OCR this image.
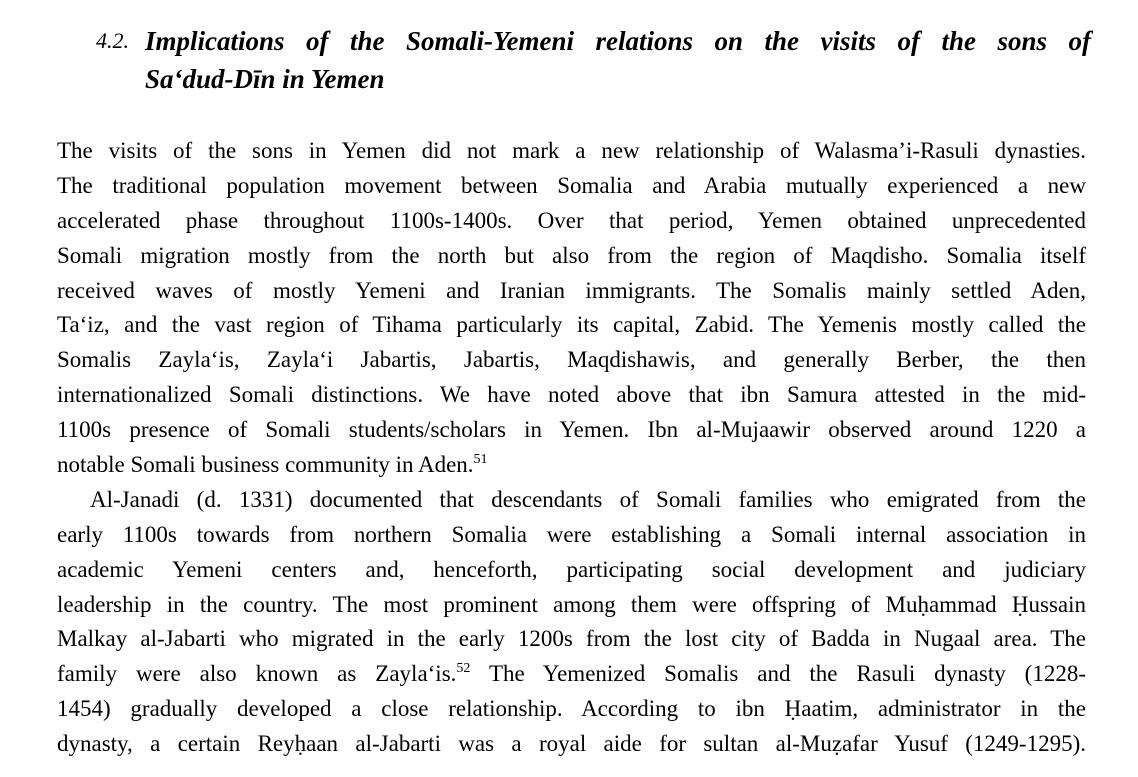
4.2. Implications of the Somali-Yemeni relations on the visits of the sons of
Sa‘dud-Dīn in Yemen
The visits of the sons in Yemen did not mark a new relationship of Walasma’i-Rasuli dynasties.
The traditional population movement between Somalia and Arabia mutually experienced a new
accelerated phase throughout 1100s-1400s. Over that period, Yemen obtained unprecedented
Somali migration mostly from the north but also from the region of Maqdisho. Somalia itself
received waves of mostly Yemeni and Iranian immigrants. The Somalis mainly settled Aden,
Ta‘iz, and the vast region of Tihama particularly its capital, Zabid. The Yemenis mostly called the
Somalis Zayla‘is, Zayla‘i Jabartis, Jabartis, Maqdishawis, and generally Berber, the then
internationalized Somali distinctions. We have noted above that ibn Samura attested in the mid-
1100s presence of Somali students/scholars in Yemen. Ibn al-Mujaawir observed around 1220 a
notable Somali business community in Aden.$^{51}$
Al-Janadi (d. 1331) documented that descendants of Somali families who emigrated from the
early 1100s towards from northern Somalia were establishing a Somali internal association in
academic Yemeni centers and, henceforth, participating social development and judiciary
leadership in the country. The most prominent among them were offspring of Muḥammad Ḥussain
Malkay al-Jabarti who migrated in the early 1200s from the lost city of Badda in Nugaal area. The
family were also known as Zayla‘is.$^{52}$ The Yemenized Somalis and the Rasuli dynasty (1228-
1454) gradually developed a close relationship. According to ibn Ḥaatim, administrator in the
dynasty, a certain Reyḥaan al-Jabarti was a royal aide for sultan al-Muẓafar Yusuf (1249-1295).
